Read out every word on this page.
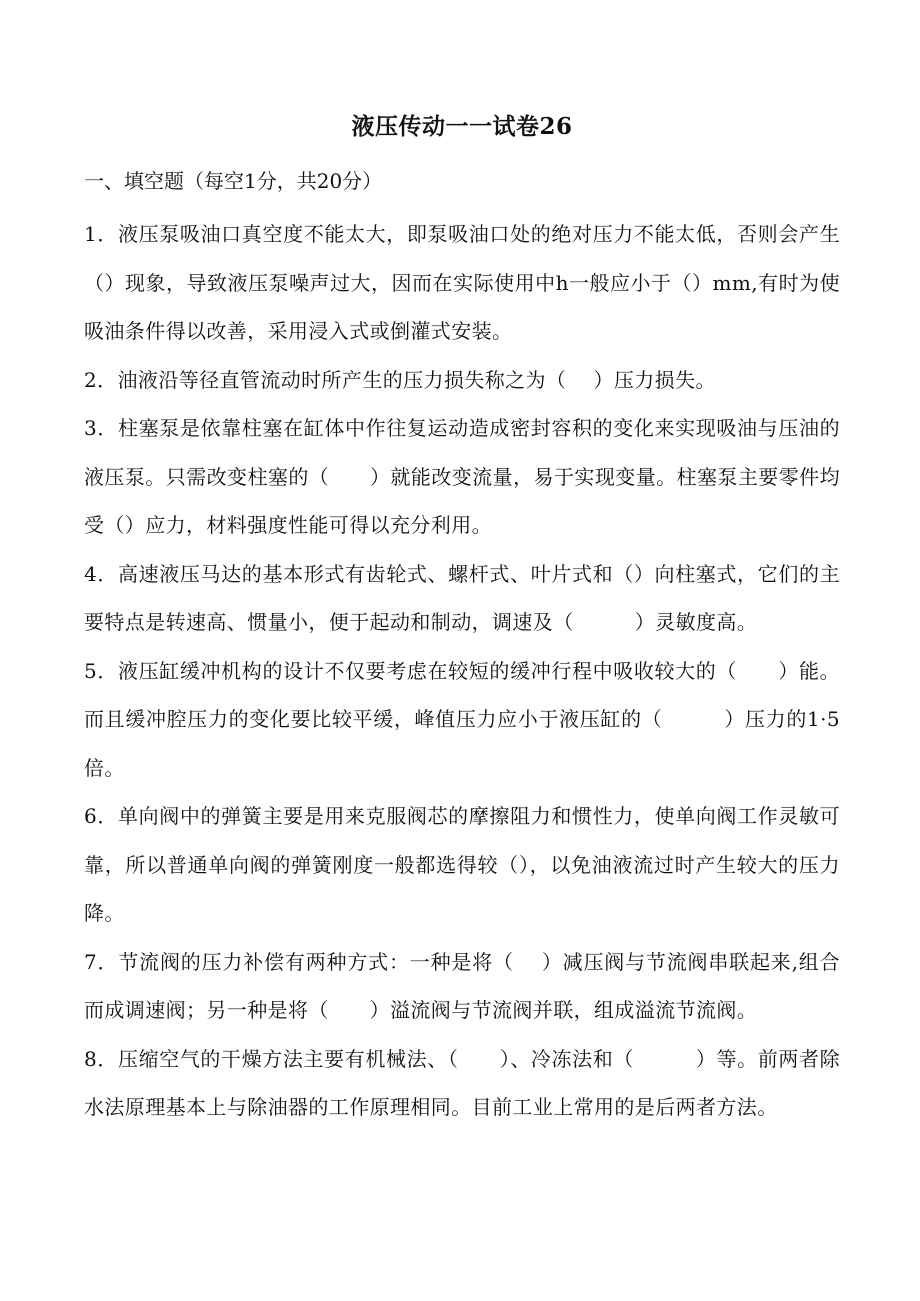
液压传动一一试卷26
一、填空题（每空1分，共20分）

1．液压泵吸油口真空度不能太大，即泵吸油口处的绝对压力不能太低，否则会产生（）现象，导致液压泵噪声过大，因而在实际使用中h一般应小于（）mm,有时为使吸油条件得以改善，采用浸入式或倒灌式安装。

2．油液沿等径直管流动时所产生的压力损失称之为（　 ）压力损失。

3．柱塞泵是依靠柱塞在缸体中作往复运动造成密封容积的变化来实现吸油与压油的液压泵。只需改变柱塞的（　　）就能改变流量，易于实现变量。柱塞泵主要零件均受（）应力，材料强度性能可得以充分利用。

4．高速液压马达的基本形式有齿轮式、螺杆式、叶片式和（）向柱塞式，它们的主要特点是转速高、惯量小，便于起动和制动，调速及（　　　）灵敏度高。

5．液压缸缓冲机构的设计不仅要考虑在较短的缓冲行程中吸收较大的（　　）能。而且缓冲腔压力的变化要比较平缓，峰值压力应小于液压缸的（　　　）压力的1·5倍。

6．单向阀中的弹簧主要是用来克服阀芯的摩擦阻力和惯性力，使单向阀工作灵敏可靠，所以普通单向阀的弹簧刚度一般都选得较（），以免油液流过时产生较大的压力降。

7．节流阀的压力补偿有两种方式：一种是将（　 ）减压阀与节流阀串联起来,组合而成调速阀；另一种是将（　　）溢流阀与节流阀并联，组成溢流节流阀。

8．压缩空气的干燥方法主要有机械法、（　　）、冷冻法和（　　　）等。前两者除水法原理基本上与除油器的工作原理相同。目前工业上常用的是后两者方法。
